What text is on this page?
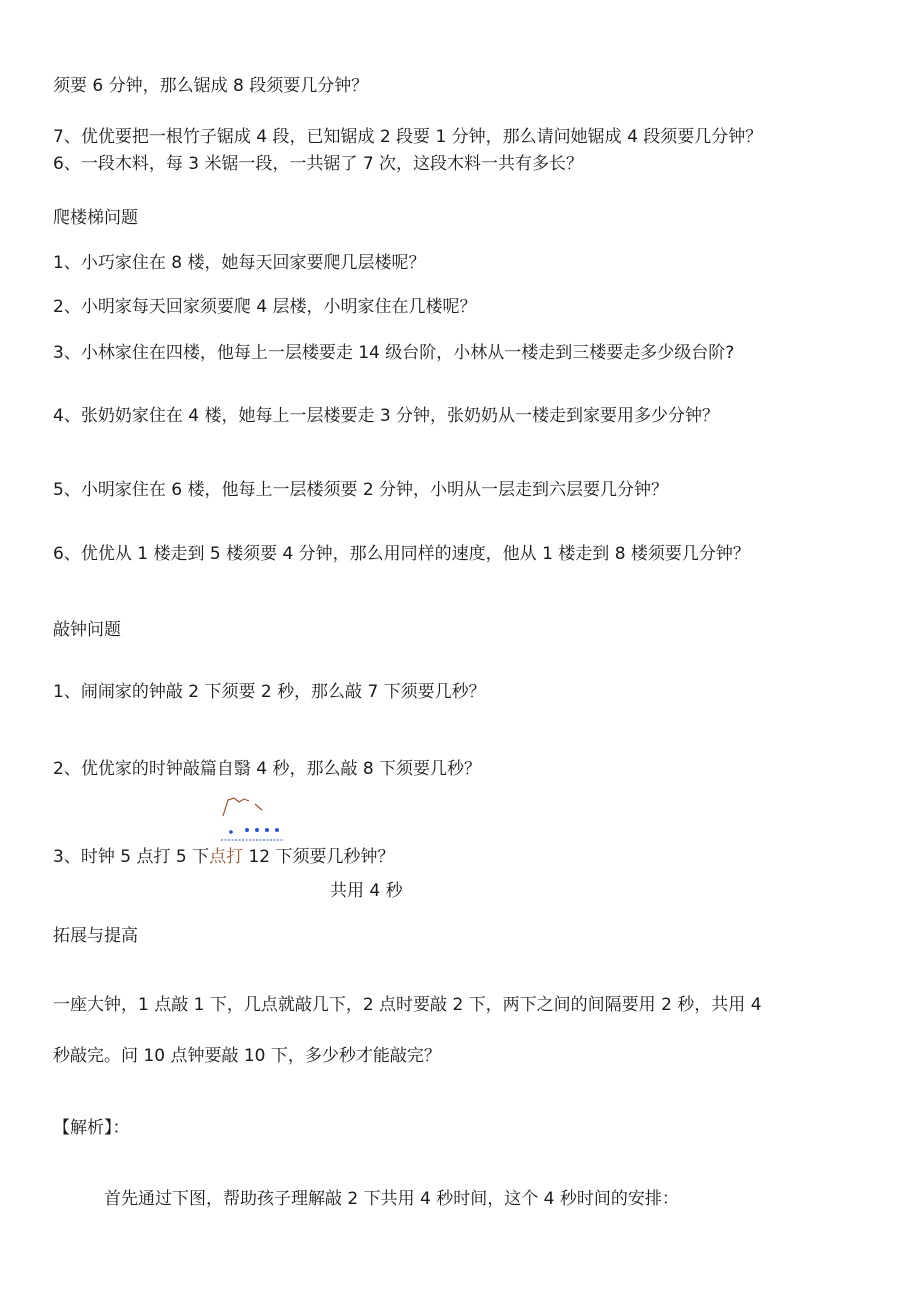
须要 6 分钟，那么锯成 8 段须要几分钟？
7、优优要把一根竹子锯成 4 段，已知锯成 2 段要 1 分钟，那么请问她锯成 4 段须要几分钟？
6、一段木料，每 3 米锯一段，一共锯了 7 次，这段木料一共有多长？
爬楼梯问题
1、小巧家住在 8 楼，她每天回家要爬几层楼呢？
2、小明家每天回家须要爬 4 层楼，小明家住在几楼呢？
3、小林家住在四楼，他每上一层楼要走 14 级台阶，小林从一楼走到三楼要走多少级台阶?
4、张奶奶家住在 4 楼，她每上一层楼要走 3 分钟，张奶奶从一楼走到家要用多少分钟？
5、小明家住在 6 楼，他每上一层楼须要 2 分钟，小明从一层走到六层要几分钟？
6、优优从 1 楼走到 5 楼须要 4 分钟，那么用同样的速度，他从 1 楼走到 8 楼须要几分钟？
敲钟问题
1、闹闹家的钟敲 2 下须要 2 秒，那么敲 7 下须要几秒？
2、优优家的时钟敲篇自翳 4 秒，那么敲 8 下须要几秒？
3、时钟 5 点打 5 下点打 12 下须要几秒钟？
共用 4 秒
拓展与提高
一座大钟，1 点敲 1 下，几点就敲几下，2 点时要敲 2 下，两下之间的间隔要用 2 秒，共用 4
秒敲完。问 10 点钟要敲 10 下，多少秒才能敲完？
【解析】：
首先通过下图，帮助孩子理解敲 2 下共用 4 秒时间，这个 4 秒时间的安排：
